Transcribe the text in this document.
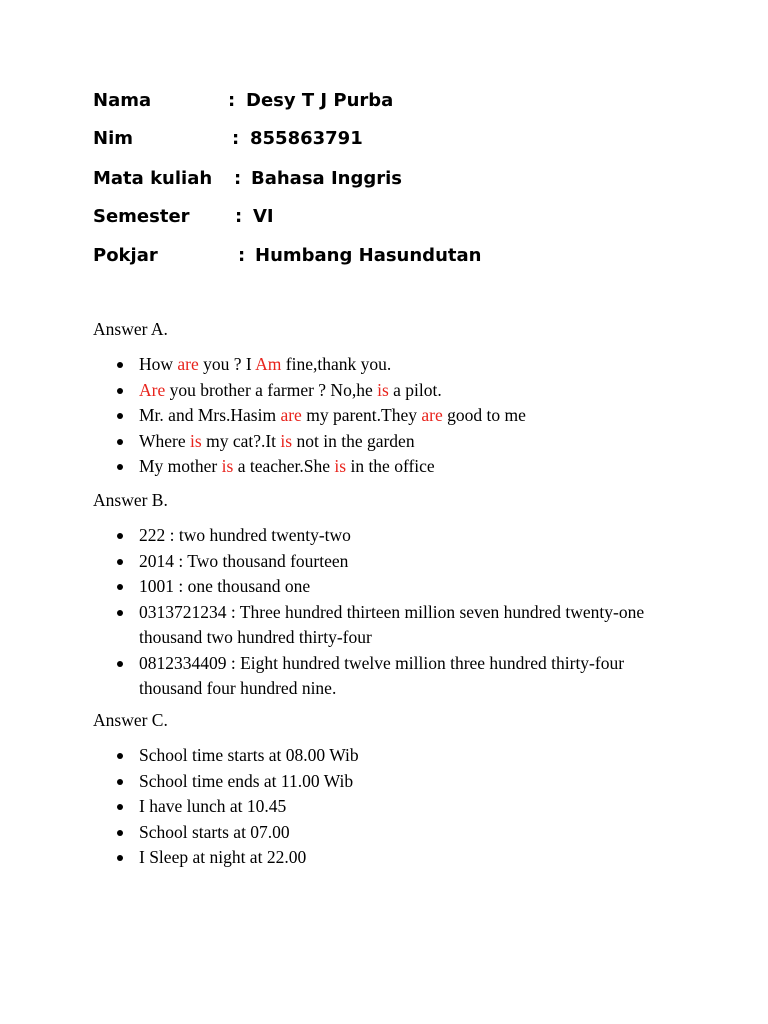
Nama	: Desy T J Purba
Nim	: 855863791
Mata kuliah : Bahasa Inggris
Semester	: VI
Pokjar	: Humbang Hasundutan
Answer A.
How are you ? I Am fine,thank you.
Are you brother a farmer ? No,he is a pilot.
Mr. and Mrs.Hasim are my parent.They are good to me
Where is my cat?.It is not in the garden
My mother is a teacher.She is in the office
Answer B.
222 : two hundred twenty-two
2014 : Two thousand fourteen
1001 : one thousand one
0313721234 : Three hundred thirteen million seven hundred twenty-one thousand two hundred thirty-four
0812334409 : Eight hundred twelve million three hundred thirty-four thousand four hundred nine.
Answer C.
School time starts at 08.00 Wib
School time ends at 11.00 Wib
I have lunch at 10.45
School starts at 07.00
I Sleep at night at 22.00
